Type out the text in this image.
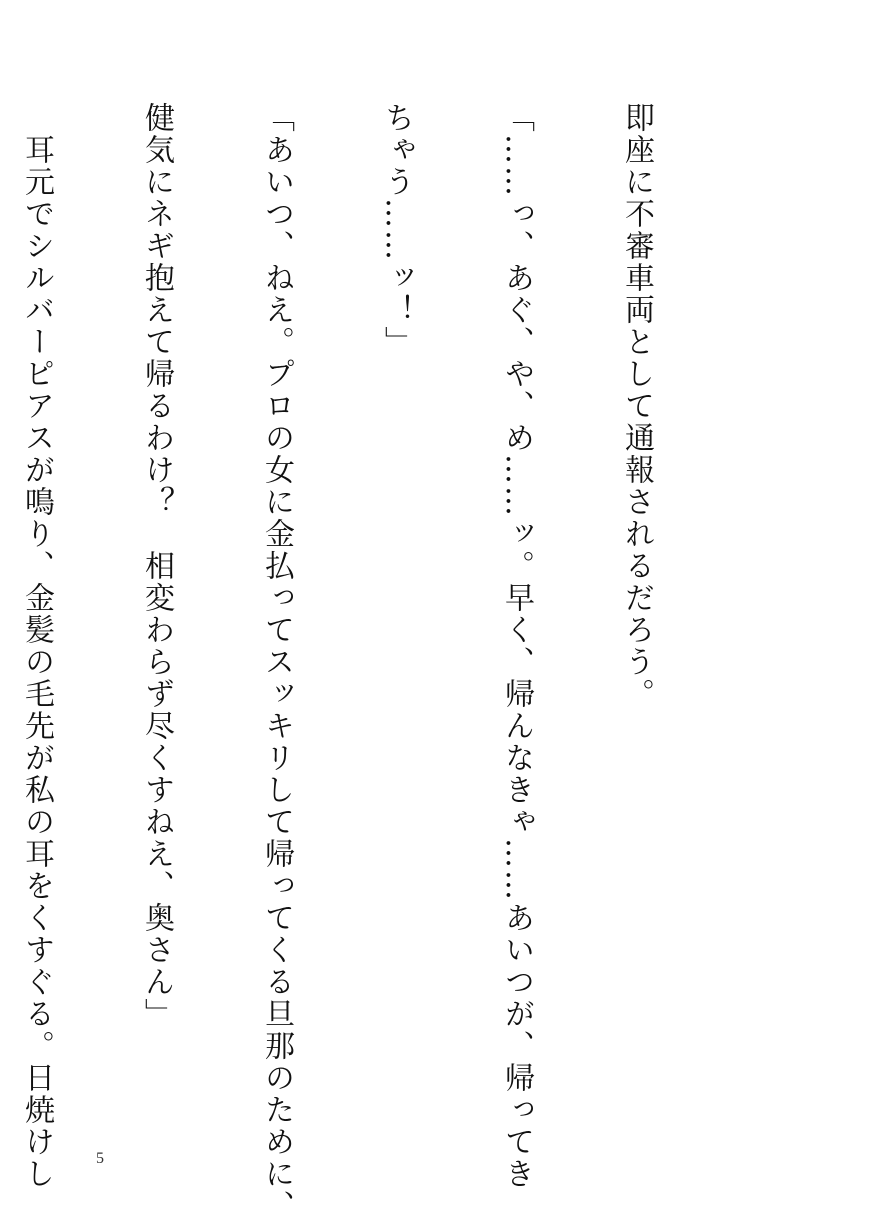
即座に不審車両として通報されるだろう。

「……っ、あぐ、や、め……ッ。早く、帰んなきゃ……あいつが、帰ってき

ちゃう……ッ！」

「あいつ、ねえ。プロの女に金払ってスッキリして帰ってくる旦那のために、

健気にネギ抱えて帰るわけ？　相変わらず尽くすねえ、奥さん」

　耳元でシルバーピアスが鳴り、金髪の毛先が私の耳をくすぐる。日焼けし

	5
